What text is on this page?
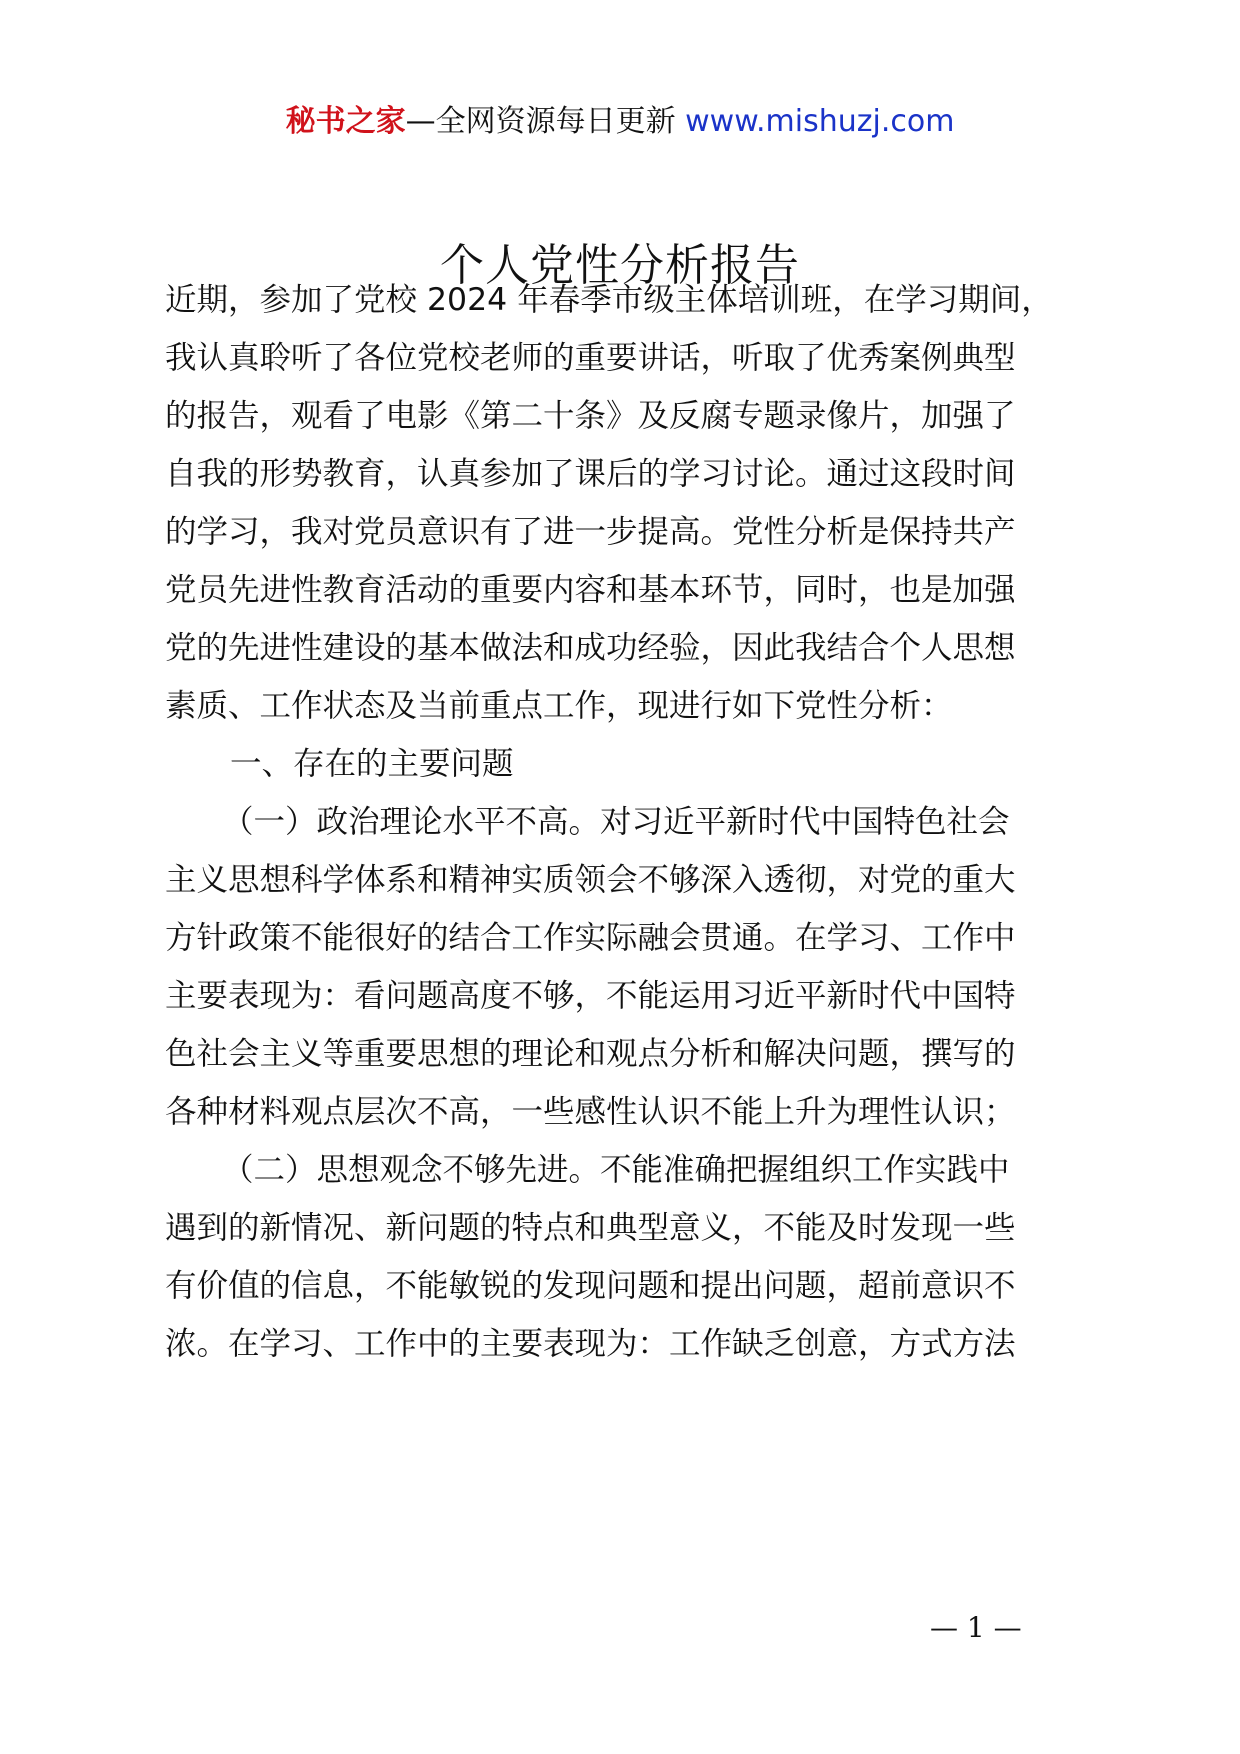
秘书之家—全网资源每日更新 www.mishuzj.com
个人党性分析报告
近期，参加了党校 2024 年春季市级主体培训班，在学习期间，
我认真聆听了各位党校老师的重要讲话，听取了优秀案例典型
的报告，观看了电影《第二十条》及反腐专题录像片，加强了
自我的形势教育，认真参加了课后的学习讨论。通过这段时间
的学习，我对党员意识有了进一步提高。党性分析是保持共产
党员先进性教育活动的重要内容和基本环节，同时，也是加强
党的先进性建设的基本做法和成功经验，因此我结合个人思想
素质、工作状态及当前重点工作，现进行如下党性分析：
一、存在的主要问题
（一）政治理论水平不高。对习近平新时代中国特色社会
主义思想科学体系和精神实质领会不够深入透彻，对党的重大
方针政策不能很好的结合工作实际融会贯通。在学习、工作中
主要表现为：看问题高度不够，不能运用习近平新时代中国特
色社会主义等重要思想的理论和观点分析和解决问题，撰写的
各种材料观点层次不高，一些感性认识不能上升为理性认识；
（二）思想观念不够先进。不能准确把握组织工作实践中
遇到的新情况、新问题的特点和典型意义，不能及时发现一些
有价值的信息，不能敏锐的发现问题和提出问题，超前意识不
浓。在学习、工作中的主要表现为：工作缺乏创意，方式方法
— 1 —
